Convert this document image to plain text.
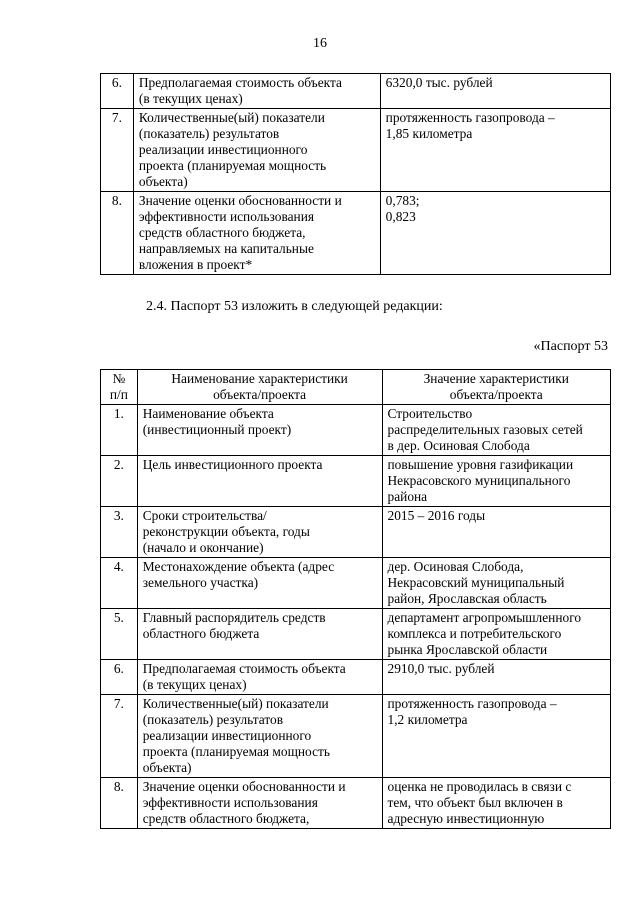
16
6.	Предполагаемая стоимость объекта
(в текущих ценах)	6320,0 тыс. рублей

7.	Количественные(ый) показатели
(показатель) результатов
реализации инвестиционного
проекта (планируемая мощность
объекта)	протяженность газопровода –
1,85 километра

8.	Значение оценки обоснованности и
эффективности использования
средств областного бюджета,
направляемых на капитальные
вложения в проект*	0,783;
0,823
2.4. Паспорт 53 изложить в следующей редакции:
«Паспорт 53
№
п/п	Наименование характеристики
объекта/проекта	Значение характеристики
объекта/проекта

1.	Наименование объекта
(инвестиционный проект)	Строительство
распределительных газовых сетей
в дер. Осиновая Слобода

2.	Цель инвестиционного проекта	повышение уровня газификации
Некрасовского муниципального
района

3.	Сроки строительства/
реконструкции объекта, годы
(начало и окончание)	2015 – 2016 годы

4.	Местонахождение объекта (адрес
земельного участка)	дер. Осиновая Слобода,
Некрасовский муниципальный
район, Ярославская область

5.	Главный распорядитель средств
областного бюджета	департамент агропромышленного
комплекса и потребительского
рынка Ярославской области

6.	Предполагаемая стоимость объекта
(в текущих ценах)	2910,0 тыс. рублей

7.	Количественные(ый) показатели
(показатель) результатов
реализации инвестиционного
проекта (планируемая мощность
объекта)	протяженность газопровода –
1,2 километра

8.	Значение оценки обоснованности и
эффективности использования
средств областного бюджета,	оценка не проводилась в связи с
тем, что объект был включен в
адресную инвестиционную
